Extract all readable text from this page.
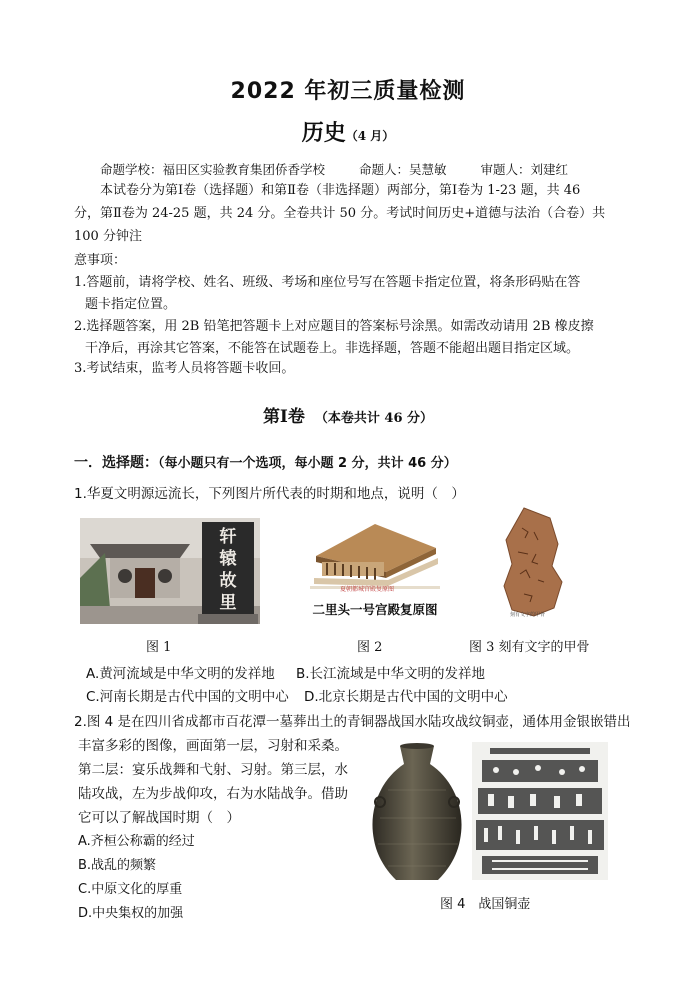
2022 年初三质量检测
历史（4 月）
命题学校：福田区实验教育集团侨香学校	命题人：吴慧敏	审题人：刘建红
本试卷分为第Ⅰ卷（选择题）和第Ⅱ卷（非选择题）两部分，第Ⅰ卷为 1-23 题，共 46
分，第Ⅱ卷为 24-25 题，共 24 分。全卷共计 50 分。考试时间历史+道德与法治（合卷）共
100 分钟注
意事项：
1.答题前，请将学校、姓名、班级、考场和座位号写在答题卡指定位置，将条形码贴在答
题卡指定位置。
2.选择题答案，用 2B 铅笔把答题卡上对应题目的答案标号涂黑。如需改动请用 2B 橡皮擦
干净后，再涂其它答案，不能答在试题卷上。非选择题，答题不能超出题目指定区域。
3.考试结束，监考人员将答题卡收回。
第Ⅰ卷 （本卷共计 46 分）
一．选择题：（每小题只有一个选项，每小题 2 分，共计 46 分）
1.华夏文明源远流长，下列图片所代表的时期和地点，说明（　）
轩辕故里
夏朝都城宫殿复原图
二里头一号宫殿复原图	刻有文字的甲骨
图 1	图 2	图 3 刻有文字的甲骨
A.黄河流域是中华文明的发祥地 B.长江流域是中华文明的发祥地
C.河南长期是古代中国的文明中心 D.北京长期是古代中国的文明中心
2.图 4 是在四川省成都市百花潭一墓葬出土的青铜器战国水陆攻战纹铜壶，通体用金银嵌错出
丰富多彩的图像，画面第一层，习射和采桑。
第二层：宴乐战舞和弋射、习射。第三层，水
陆攻战，左为步战仰攻，右为水陆战争。借助
它可以了解战国时期（　）
A.齐桓公称霸的经过
B.战乱的频繁
C.中原文化的厚重
D.中央集权的加强
图 4　战国铜壶
